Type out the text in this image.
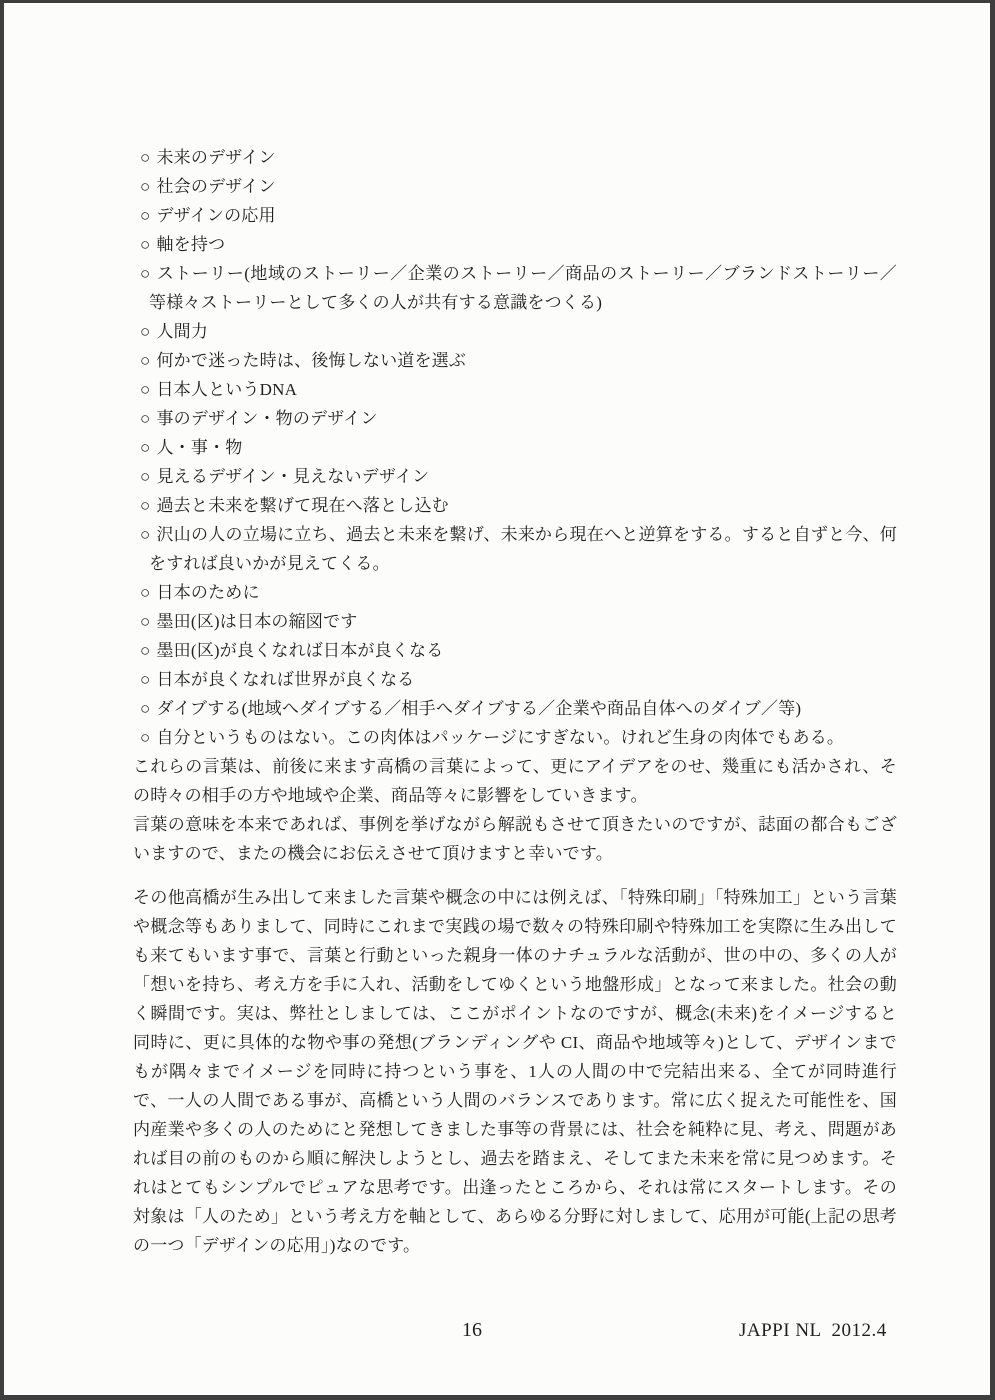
○ 未来のデザイン
○ 社会のデザイン
○ デザインの応用
○ 軸を持つ
○ ストーリー(地域のストーリー／企業のストーリー／商品のストーリー／ブランドストーリー／等様々ストーリーとして多くの人が共有する意識をつくる)
○ 人間力
○ 何かで迷った時は、後悔しない道を選ぶ
○ 日本人というDNA
○ 事のデザイン・物のデザイン
○ 人・事・物
○ 見えるデザイン・見えないデザイン
○ 過去と未来を繋げて現在へ落とし込む
○ 沢山の人の立場に立ち、過去と未来を繋げ、未来から現在へと逆算をする。すると自ずと今、何をすれば良いかが見えてくる。
○ 日本のために
○ 墨田(区)は日本の縮図です
○ 墨田(区)が良くなれば日本が良くなる
○ 日本が良くなれば世界が良くなる
○ ダイブする(地域へダイブする／相手へダイブする／企業や商品自体へのダイブ／等)
○ 自分というものはない。この肉体はパッケージにすぎない。けれど生身の肉体でもある。

これらの言葉は、前後に来ます高橋の言葉によって、更にアイデアをのせ、幾重にも活かされ、その時々の相手の方や地域や企業、商品等々に影響をしていきます。

言葉の意味を本来であれば、事例を挙げながら解説もさせて頂きたいのですが、誌面の都合もございますので、またの機会にお伝えさせて頂けますと幸いです。

その他高橋が生み出して来ました言葉や概念の中には例えば、「特殊印刷」「特殊加工」という言葉や概念等もありまして、同時にこれまで実践の場で数々の特殊印刷や特殊加工を実際に生み出しても来てもいます事で、言葉と行動といった親身一体のナチュラルな活動が、世の中の、多くの人が「想いを持ち、考え方を手に入れ、活動をしてゆくという地盤形成」となって来ました。社会の動く瞬間です。実は、弊社としましては、ここがポイントなのですが、概念(未来)をイメージすると同時に、更に具体的な物や事の発想(ブランディングや CI、商品や地域等々)として、デザインまでもが隅々までイメージを同時に持つという事を、1人の人間の中で完結出来る、全てが同時進行で、一人の人間である事が、高橋という人間のバランスであります。常に広く捉えた可能性を、国内産業や多くの人のためにと発想してきました事等の背景には、社会を純粋に見、考え、問題があれば目の前のものから順に解決しようとし、過去を踏まえ、そしてまた未来を常に見つめます。それはとてもシンプルでピュアな思考です。出逢ったところから、それは常にスタートします。その対象は「人のため」という考え方を軸として、あらゆる分野に対しまして、応用が可能(上記の思考の一つ「デザインの応用」)なのです。

16	JAPPI NL  2012.4
